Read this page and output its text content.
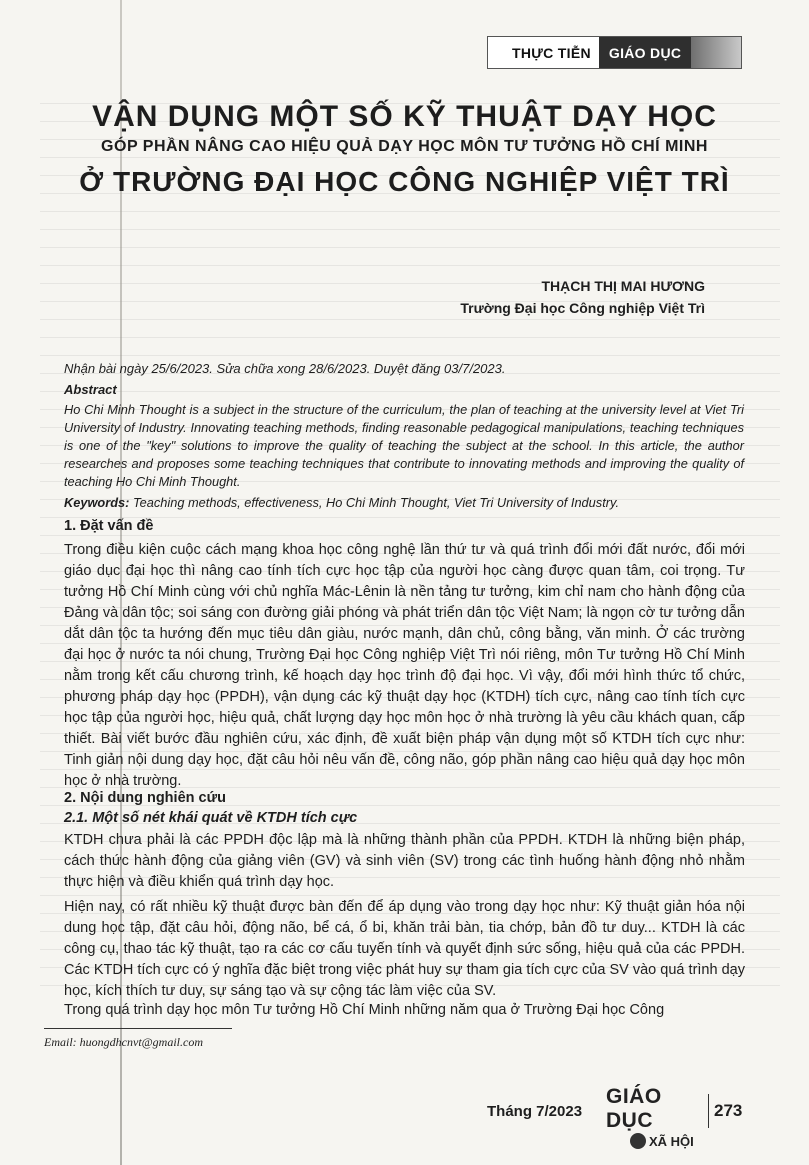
THỰC TIỄN	GIÁO DỤC
VẬN DỤNG MỘT SỐ KỸ THUẬT DẠY HỌC
GÓP PHẦN NÂNG CAO HIỆU QUẢ DẠY HỌC MÔN TƯ TƯỞNG HỒ CHÍ MINH
Ở TRƯỜNG ĐẠI HỌC CÔNG NGHIỆP VIỆT TRÌ
THẠCH THỊ MAI HƯƠNG
Trường Đại học Công nghiệp Việt Trì
Nhận bài ngày 25/6/2023. Sửa chữa xong 28/6/2023. Duyệt đăng 03/7/2023.
Abstract
Ho Chi Minh Thought is a subject in the structure of the curriculum, the plan of teaching at the university level at Viet Tri University of Industry. Innovating teaching methods, finding reasonable pedagogical manipulations, teaching techniques is one of the "key" solutions to improve the quality of teaching the subject at the school. In this article, the author researches and proposes some teaching techniques that contribute to innovating methods and improving the quality of teaching Ho Chi Minh Thought.
Keywords: Teaching methods, effectiveness, Ho Chi Minh Thought, Viet Tri University of Industry.
1. Đặt vấn đề
Trong điều kiện cuộc cách mạng khoa học công nghệ lần thứ tư và quá trình đổi mới đất nước, đổi mới giáo dục đại học thì nâng cao tính tích cực học tập của người học càng được quan tâm, coi trọng. Tư tưởng Hồ Chí Minh cùng với chủ nghĩa Mác-Lênin là nền tảng tư tưởng, kim chỉ nam cho hành động của Đảng và dân tộc; soi sáng con đường giải phóng và phát triển dân tộc Việt Nam; là ngọn cờ tư tưởng dẫn dắt dân tộc ta hướng đến mục tiêu dân giàu, nước mạnh, dân chủ, công bằng, văn minh. Ở các trường đại học ở nước ta nói chung, Trường Đại học Công nghiệp Việt Trì nói riêng, môn Tư tưởng Hồ Chí Minh nằm trong kết cấu chương trình, kế hoạch dạy học trình độ đại học. Vì vậy, đổi mới hình thức tổ chức, phương pháp dạy học (PPDH), vận dụng các kỹ thuật dạy học (KTDH) tích cực, nâng cao tính tích cực học tập của người học, hiệu quả, chất lượng dạy học môn học ở nhà trường là yêu cầu khách quan, cấp thiết. Bài viết bước đầu nghiên cứu, xác định, đề xuất biện pháp vận dụng một số KTDH tích cực như: Tinh giản nội dung dạy học, đặt câu hỏi nêu vấn đề, công não, góp phần nâng cao hiệu quả dạy học môn học ở nhà trường.
2. Nội dung nghiên cứu
2.1. Một số nét khái quát về KTDH tích cực
KTDH chưa phải là các PPDH độc lập mà là những thành phần của PPDH. KTDH là những biện pháp, cách thức hành động của giảng viên (GV) và sinh viên (SV) trong các tình huống hành động nhỏ nhằm thực hiện và điều khiển quá trình dạy học.
Hiện nay, có rất nhiều kỹ thuật được bàn đến để áp dụng vào trong dạy học như: Kỹ thuật giản hóa nội dung học tập, đặt câu hỏi, động não, bể cá, ổ bi, khăn trải bàn, tia chớp, bản đồ tư duy... KTDH là các công cụ, thao tác kỹ thuật, tạo ra các cơ cấu tuyến tính và quyết định sức sống, hiệu quả của các PPDH. Các KTDH tích cực có ý nghĩa đặc biệt trong việc phát huy sự tham gia tích cực của SV vào quá trình dạy học, kích thích tư duy, sự sáng tạo và sự cộng tác làm việc của SV.
Trong quá trình dạy học môn Tư tưởng Hồ Chí Minh những năm qua ở Trường Đại học Công
Email: huongdhcnvt@gmail.com
Tháng 7/2023
GIÁO DỤC
XÃ HỘI
273
